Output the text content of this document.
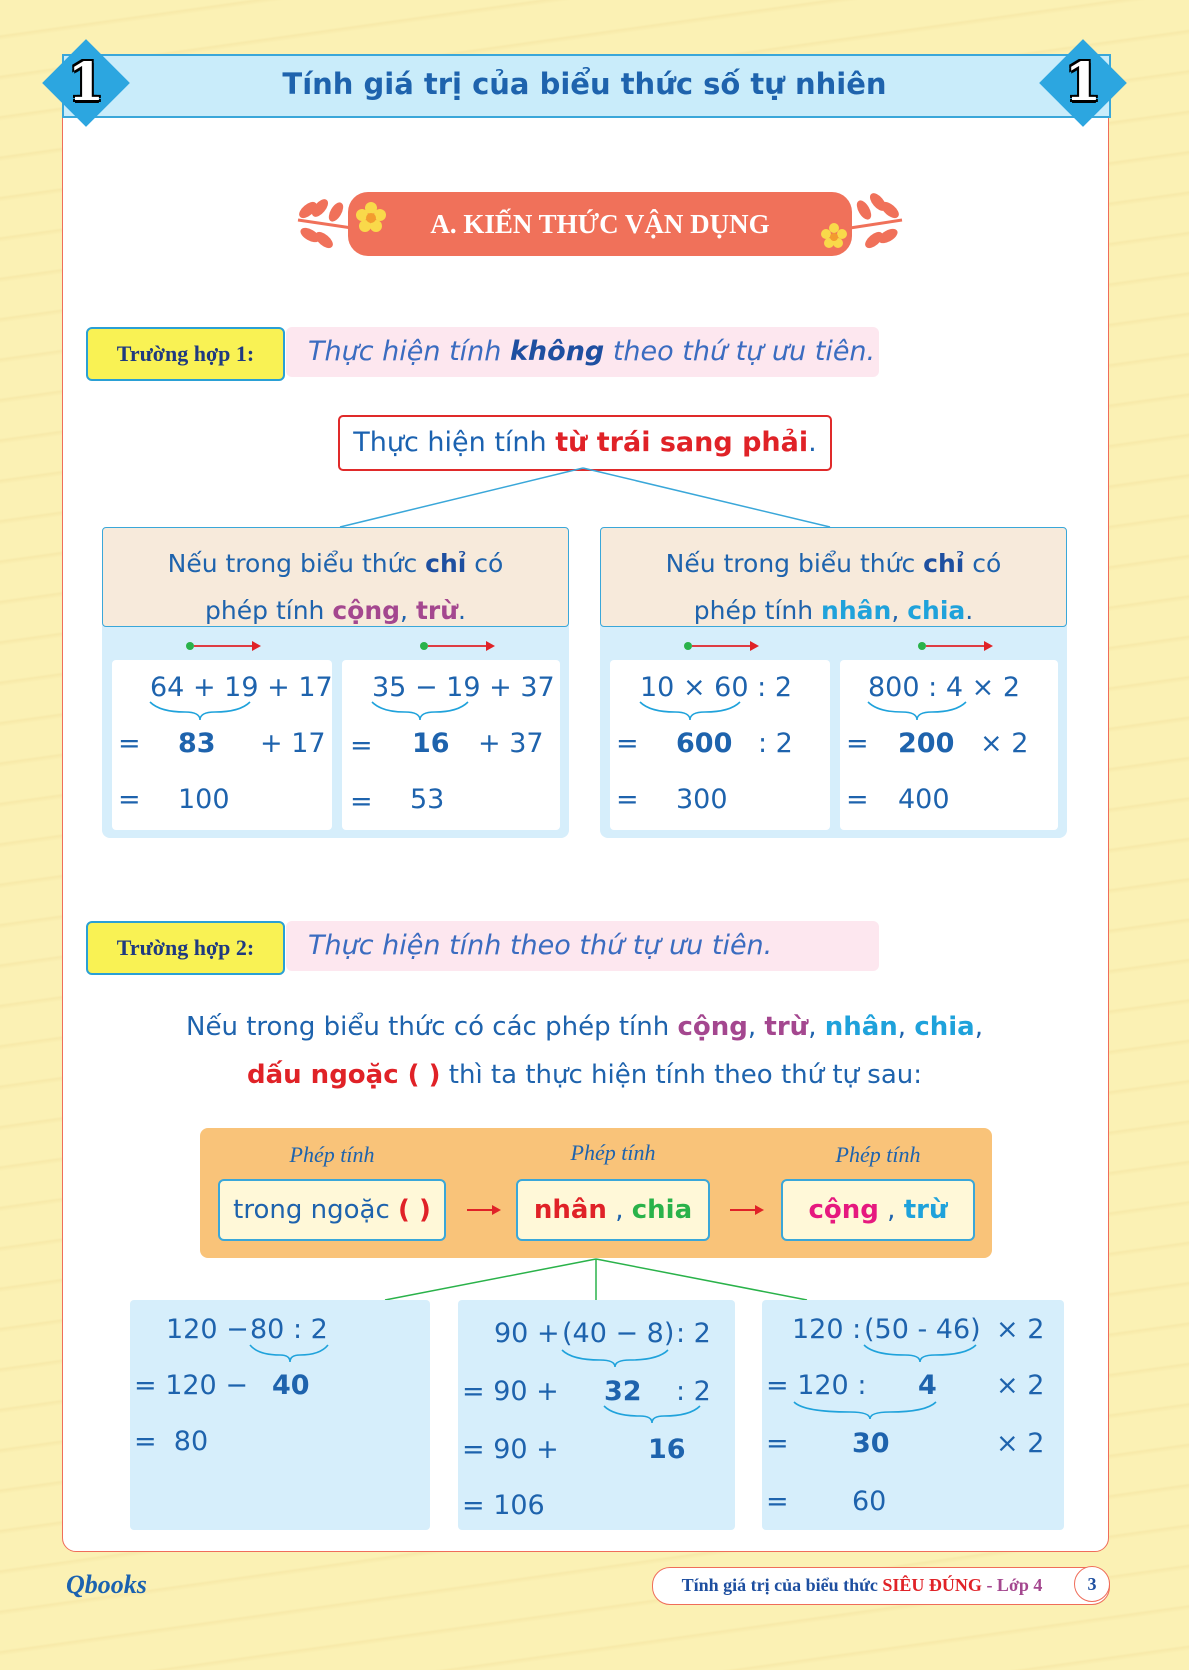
Tính giá trị của biểu thức số tự nhiên
1	1
A. KIẾN THỨC VẬN DỤNG
Thực hiện tính không theo thứ tự ưu tiên.
Trường hợp 1:
Thực hiện tính từ trái sang phải.
Nếu trong biểu thức chỉ có
phép tính cộng, trừ.
Nếu trong biểu thức chỉ có
phép tính nhân, chia.
64 + 19 + 17
= 83 + 17
= 100
35 − 19 + 37
= 16 + 37
= 53
10 × 60 : 2
= 600 : 2
= 300
800 : 4 × 2
= 200 × 2
= 400
Thực hiện tính theo thứ tự ưu tiên.
Trường hợp 2:
Nếu trong biểu thức có các phép tính cộng, trừ, nhân, chia,
dấu ngoặc ( ) thì ta thực hiện tính theo thứ tự sau:
Phép tính	Phép tính	Phép tính
trong ngoặc ( )	nhân , chia	cộng , trừ
120 − 80 : 2
= 120 − 40
=  80
90 + (40 − 8) : 2
= 90 + 32 : 2
= 90 +	16
= 106
120 : (50 - 46) × 2
= 120 : 4 × 2
= 30	× 2
= 60
Qbooks	Tính giá trị của biểu thức SIÊU ĐÚNG - Lớp 4	3
